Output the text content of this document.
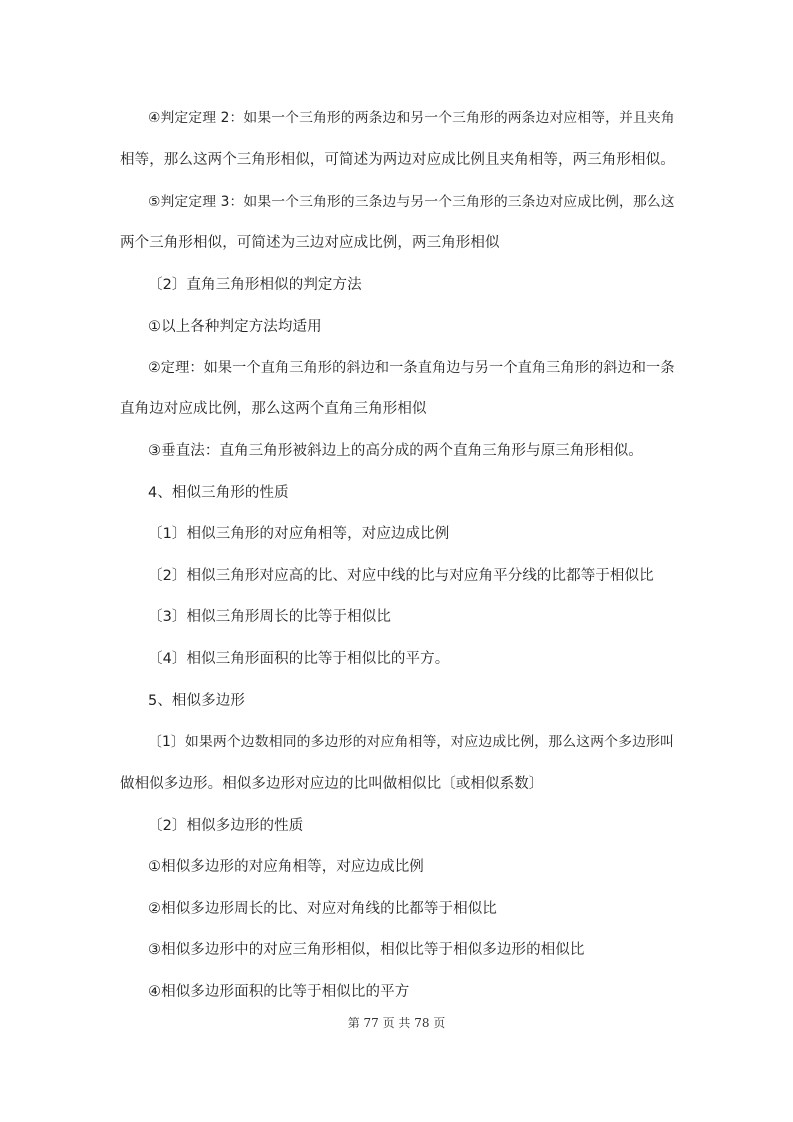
④判定定理 2：如果一个三角形的两条边和另一个三角形的两条边对应相等，并且夹角
相等，那么这两个三角形相似，可简述为两边对应成比例且夹角相等，两三角形相似。
⑤判定定理 3：如果一个三角形的三条边与另一个三角形的三条边对应成比例，那么这
两个三角形相似，可简述为三边对应成比例，两三角形相似
〔2〕直角三角形相似的判定方法
①以上各种判定方法均适用
②定理：如果一个直角三角形的斜边和一条直角边与另一个直角三角形的斜边和一条
直角边对应成比例，那么这两个直角三角形相似
③垂直法：直角三角形被斜边上的高分成的两个直角三角形与原三角形相似。
4、相似三角形的性质
〔1〕相似三角形的对应角相等，对应边成比例
〔2〕相似三角形对应高的比、对应中线的比与对应角平分线的比都等于相似比
〔3〕相似三角形周长的比等于相似比
〔4〕相似三角形面积的比等于相似比的平方。
5、相似多边形
〔1〕如果两个边数相同的多边形的对应角相等，对应边成比例，那么这两个多边形叫
做相似多边形。相似多边形对应边的比叫做相似比〔或相似系数〕
〔2〕相似多边形的性质
①相似多边形的对应角相等，对应边成比例
②相似多边形周长的比、对应对角线的比都等于相似比
③相似多边形中的对应三角形相似，相似比等于相似多边形的相似比
④相似多边形面积的比等于相似比的平方
第 77 页 共 78 页
